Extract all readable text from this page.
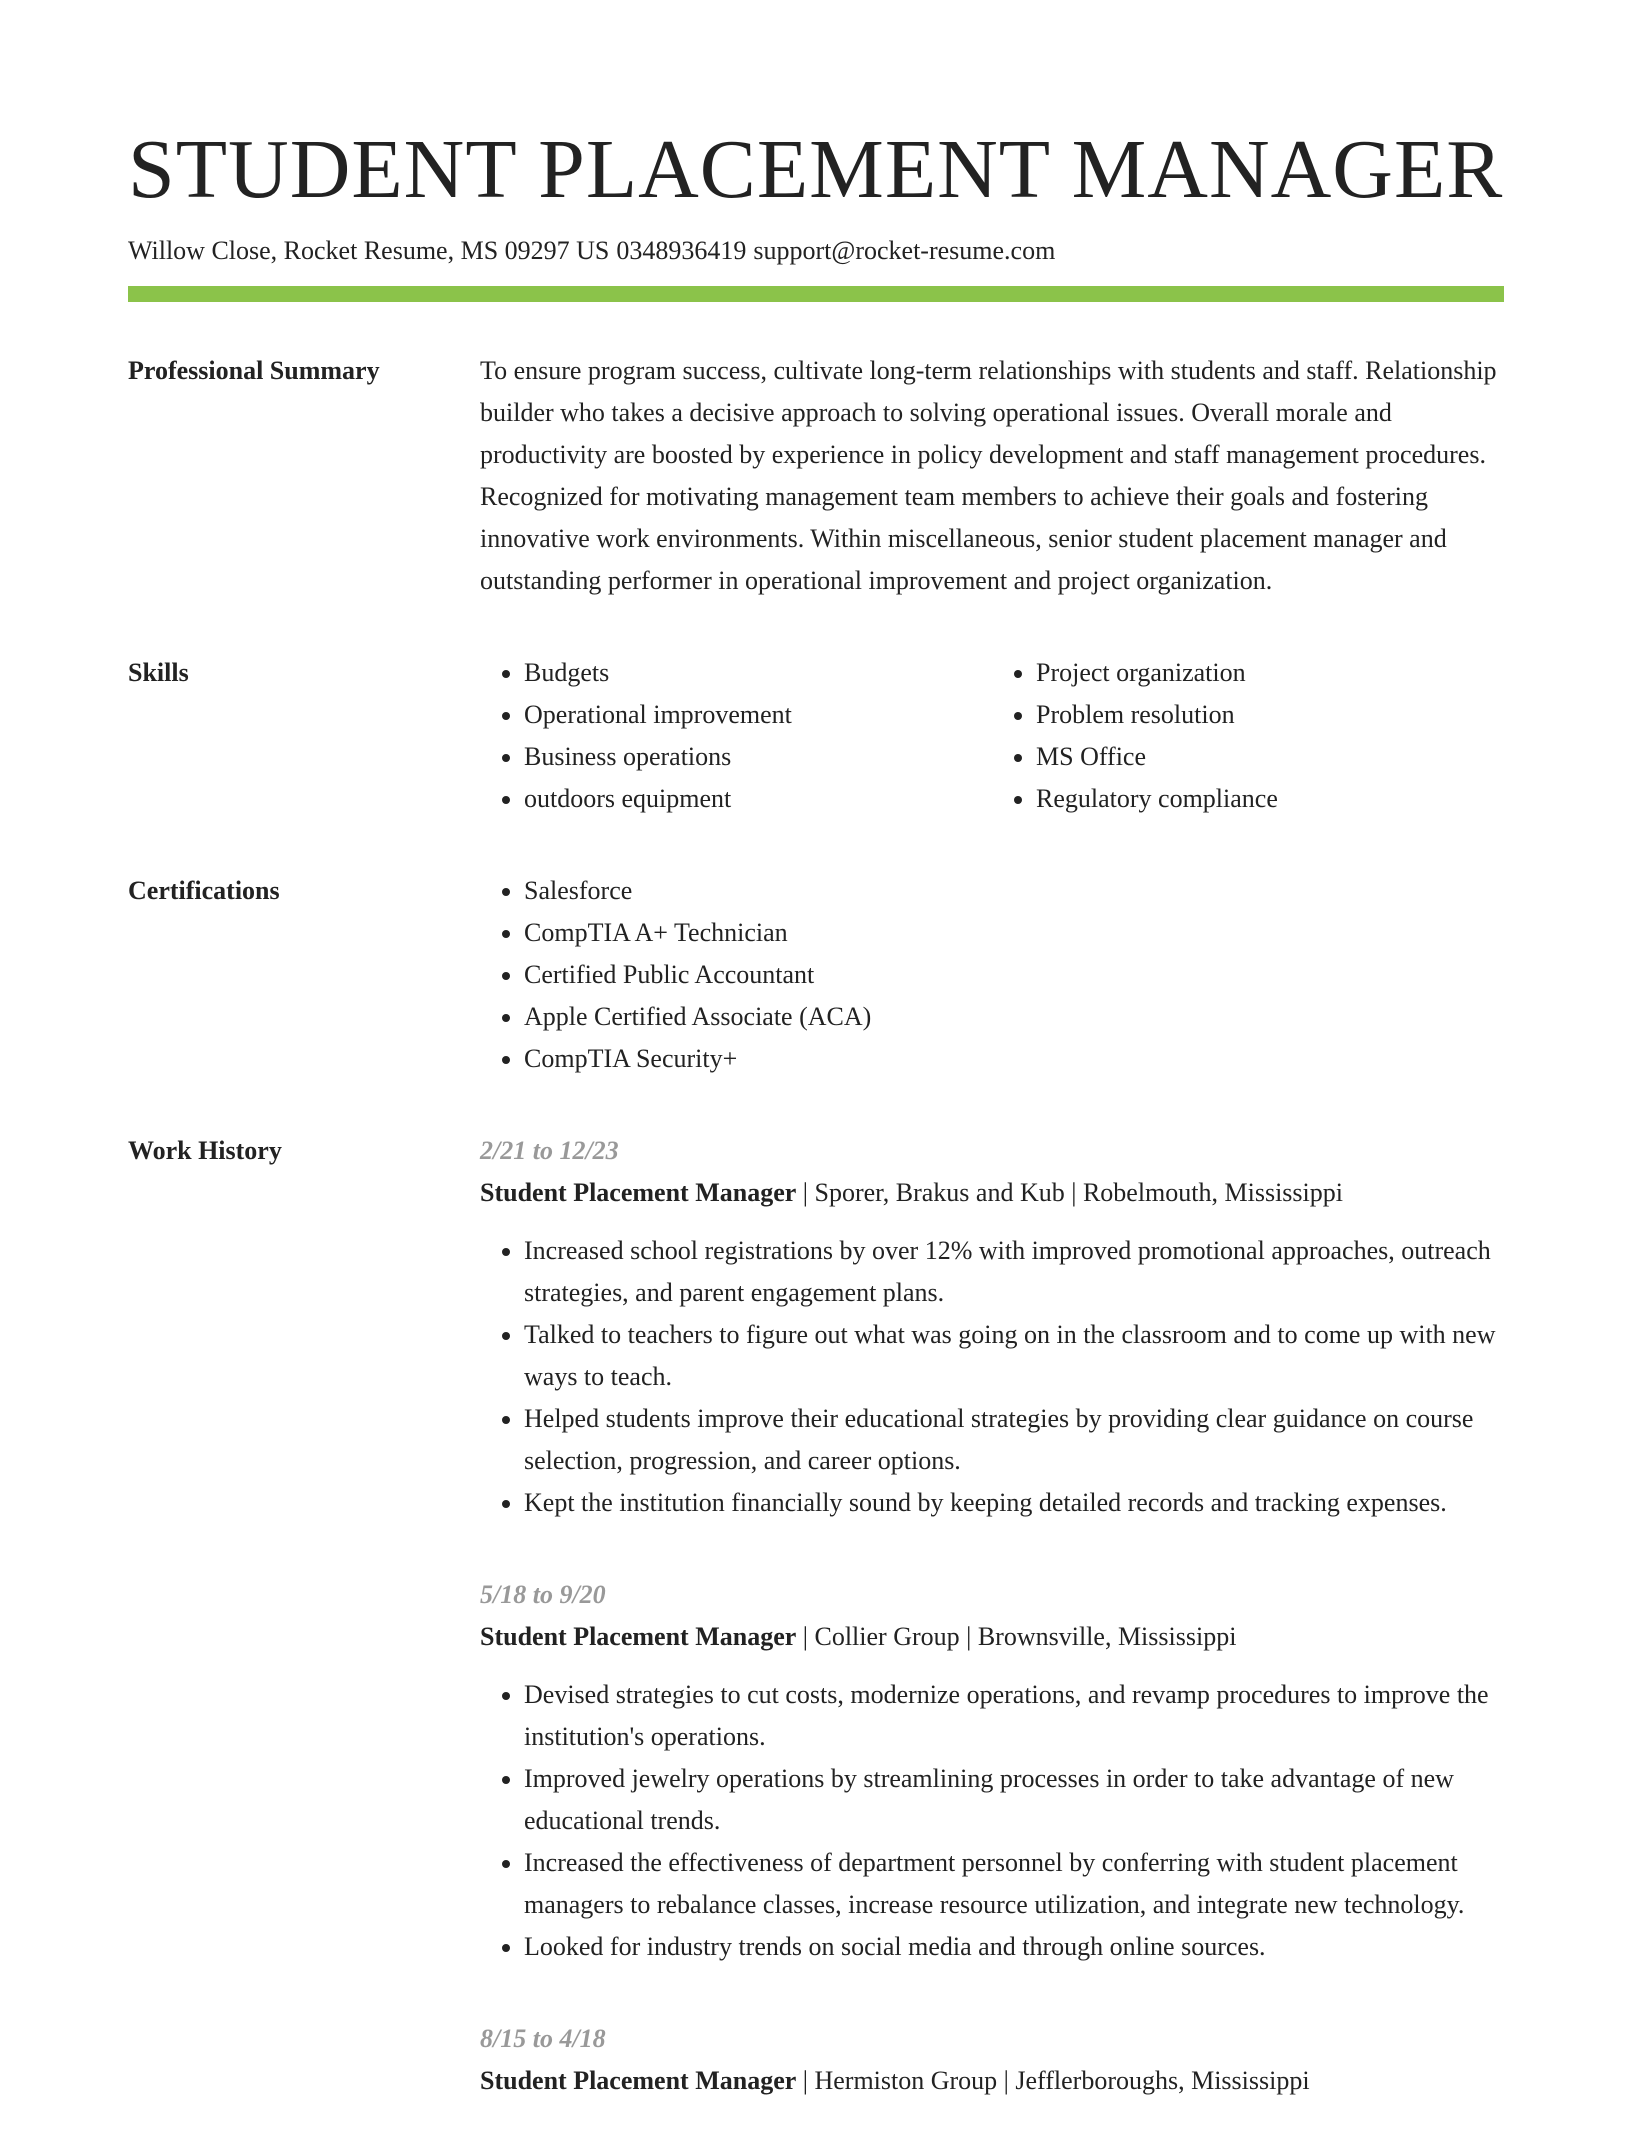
STUDENT PLACEMENT MANAGER
Willow Close, Rocket Resume, MS 09297 US 0348936419 support@rocket-resume.com
Professional Summary	To ensure program success, cultivate long-term relationships with students and staff. Relationship builder who takes a decisive approach to solving operational issues. Overall morale and productivity are boosted by experience in policy development and staff management procedures. Recognized for motivating management team members to achieve their goals and fostering innovative work environments. Within miscellaneous, senior student placement manager and outstanding performer in operational improvement and project organization.

Skills	• Budgets
• Operational improvement
• Business operations
• outdoors equipment
• Project organization
• Problem resolution
• MS Office
• Regulatory compliance
Certifications	• Salesforce
• CompTIA A+ Technician
• Certified Public Accountant
• Apple Certified Associate (ACA)
• CompTIA Security+
Work History	2/21 to 12/23
Student Placement Manager | Sporer, Brakus and Kub | Robelmouth, Mississippi
• Increased school registrations by over 12% with improved promotional approaches, outreach strategies, and parent engagement plans.
• Talked to teachers to figure out what was going on in the classroom and to come up with new ways to teach.
• Helped students improve their educational strategies by providing clear guidance on course selection, progression, and career options.
• Kept the institution financially sound by keeping detailed records and tracking expenses.
5/18 to 9/20
Student Placement Manager | Collier Group | Brownsville, Mississippi
• Devised strategies to cut costs, modernize operations, and revamp procedures to improve the institution's operations.
• Improved jewelry operations by streamlining processes in order to take advantage of new educational trends.
• Increased the effectiveness of department personnel by conferring with student placement managers to rebalance classes, increase resource utilization, and integrate new technology.
• Looked for industry trends on social media and through online sources.
8/15 to 4/18
Student Placement Manager | Hermiston Group | Jefflerboroughs, Mississippi
